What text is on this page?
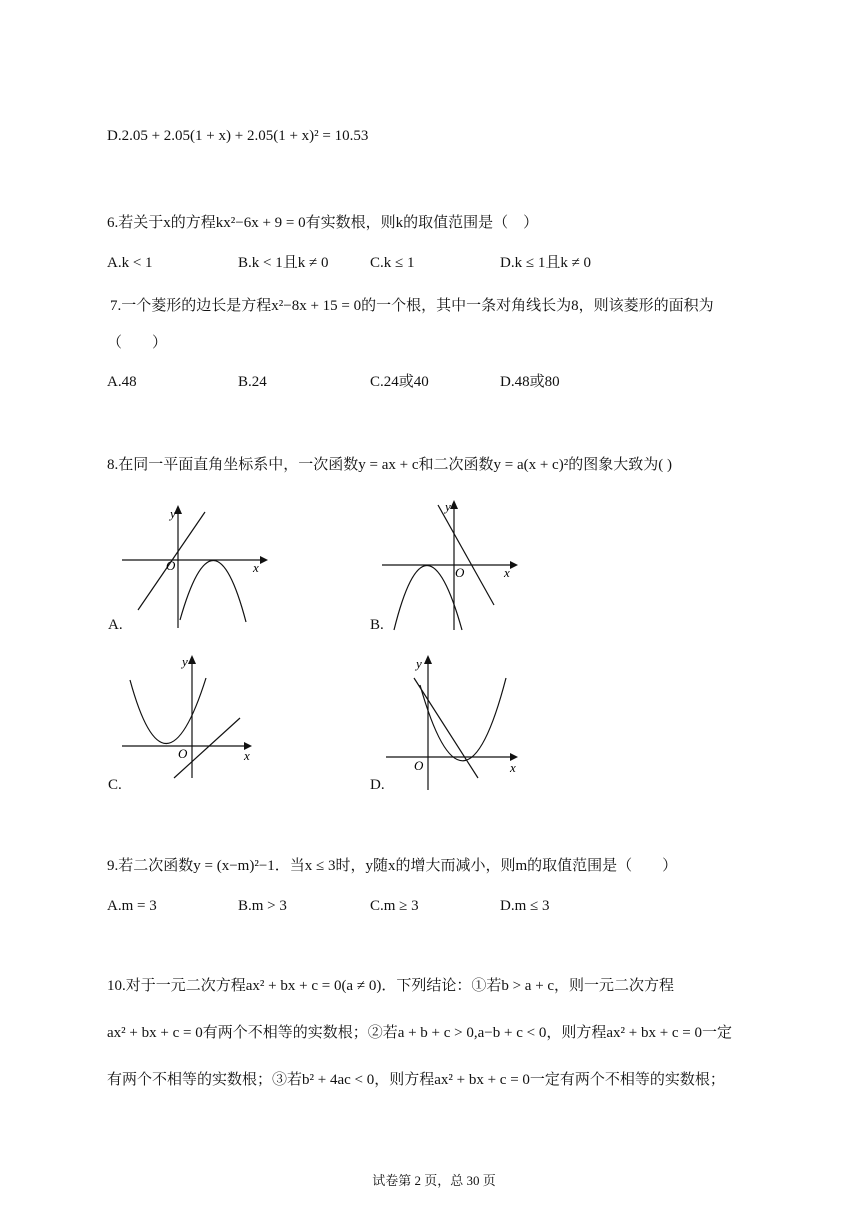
D.2.05 + 2.05(1 + x) + 2.05(1 + x)² = 10.53
6.若关于x的方程kx²−6x + 9 = 0有实数根，则k的取值范围是（　）
A.k < 1	B.k < 1且k ≠ 0	C.k ≤ 1	D.k ≤ 1且k ≠ 0
7.一个菱形的边长是方程x²−8x + 15 = 0的一个根，其中一条对角线长为8，则该菱形的面积为
（　　）
A.48	B.24	C.24或40	D.48或80
8.在同一平面直角坐标系中，一次函数y = ax + c和二次函数y = a(x + c)²的图象大致为( )
y
x
O
A.
y
x
O
B.
y
x
O
C.
y
x
O
D.
9.若二次函数y = (x−m)²−1．当x ≤ 3时，y随x的增大而减小，则m的取值范围是（　　）
A.m = 3	B.m > 3	C.m ≥ 3	D.m ≤ 3
10.对于一元二次方程ax² + bx + c = 0(a ≠ 0)．下列结论：①若b > a + c，则一元二次方程
ax² + bx + c = 0有两个不相等的实数根；②若a + b + c > 0,a−b + c < 0，则方程ax² + bx + c = 0一定
有两个不相等的实数根；③若b² + 4ac < 0，则方程ax² + bx + c = 0一定有两个不相等的实数根；
试卷第 2 页，总 30 页
